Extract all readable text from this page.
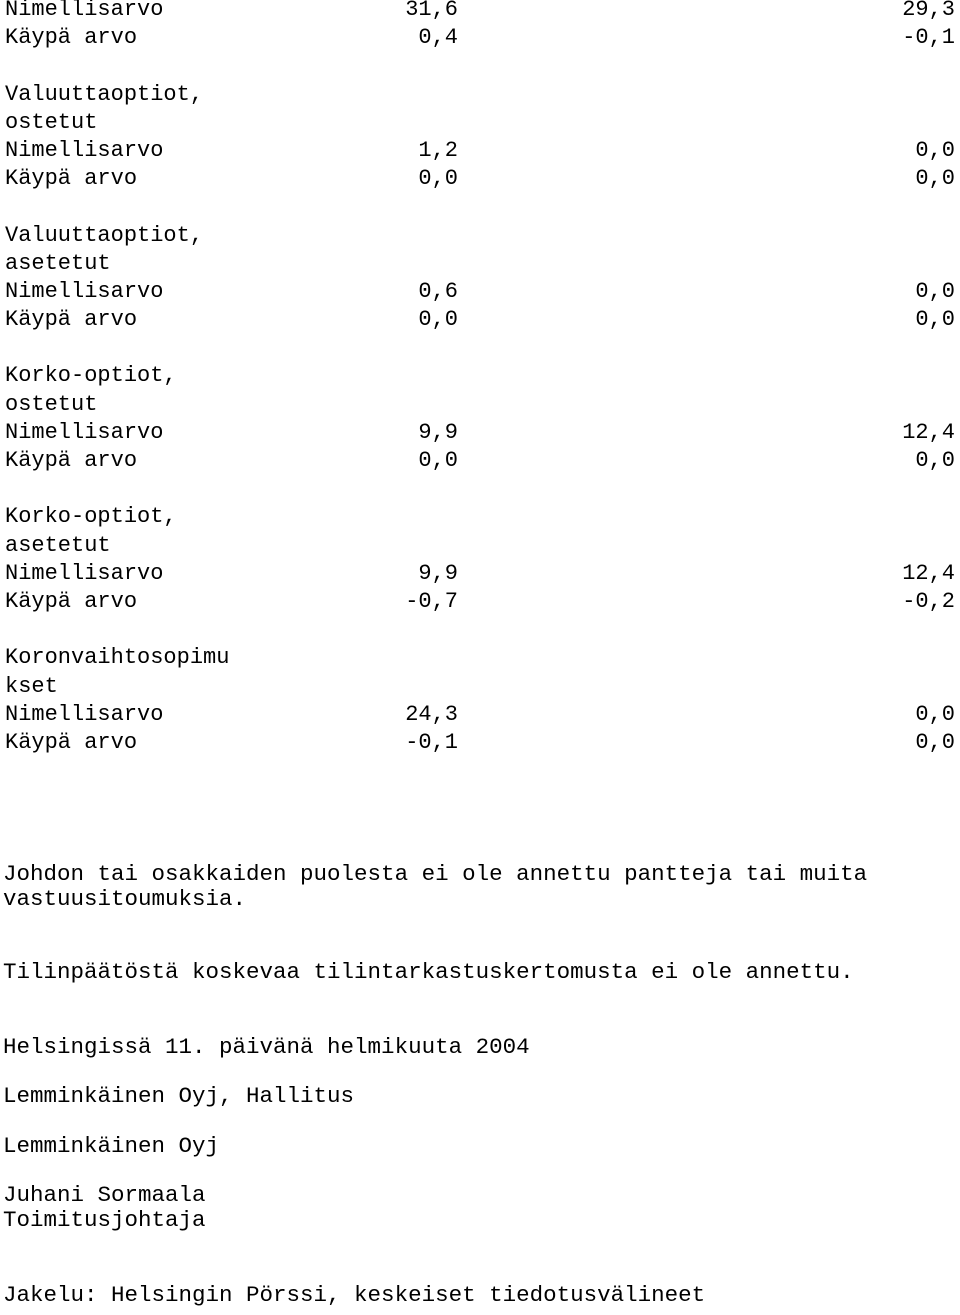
Nimellisarvo	31,6	29,3
Käypä arvo	0,4	-0,1
Valuuttaoptiot,
ostetut
Nimellisarvo	1,2	0,0
Käypä arvo	0,0	0,0
Valuuttaoptiot,
asetetut
Nimellisarvo	0,6	0,0
Käypä arvo	0,0	0,0
Korko-optiot,
ostetut
Nimellisarvo	9,9	12,4
Käypä arvo	0,0	0,0
Korko-optiot,
asetetut
Nimellisarvo	9,9	12,4
Käypä arvo	-0,7	-0,2
Koronvaihtosopimu
kset
Nimellisarvo	24,3	0,0
Käypä arvo	-0,1	0,0

Johdon tai osakkaiden puolesta ei ole annettu pantteja tai muita vastuusitoumuksia.

Tilinpäätöstä koskevaa tilintarkastuskertomusta ei ole annettu.

Helsingissä 11. päivänä helmikuuta 2004

Lemminkäinen Oyj, Hallitus

Lemminkäinen Oyj

Juhani Sormaala

Toimitusjohtaja

Jakelu: Helsingin Pörssi, keskeiset tiedotusvälineet
